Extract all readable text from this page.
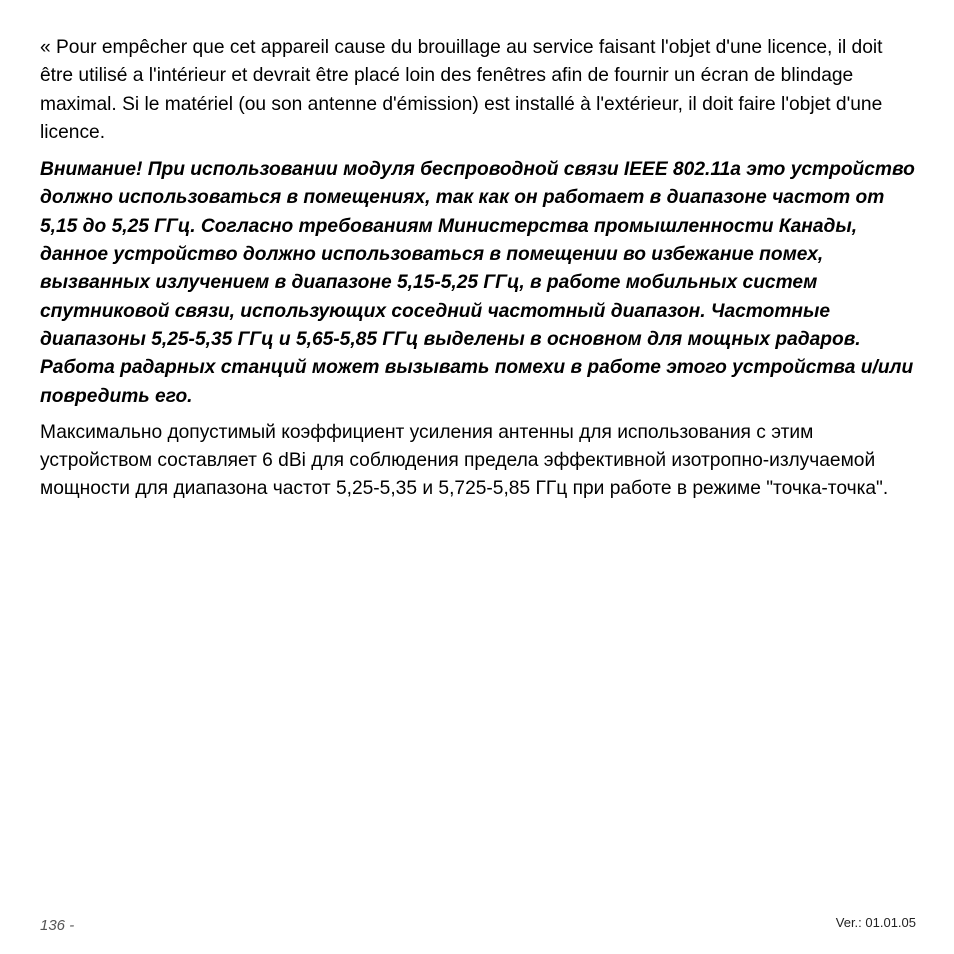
« Pour empêcher que cet appareil cause du brouillage au service faisant l'objet d'une licence, il doit être utilisé a l'intérieur et devrait être placé loin des fenêtres afin de fournir un écran de blindage maximal. Si le matériel (ou son antenne d'émission) est installé à l'extérieur, il doit faire l'objet d'une licence.

Внимание! При использовании модуля беспроводной связи IEEE 802.11a это устройство должно использоваться в помещениях, так как он работает в диапазоне частот от 5,15 до 5,25 ГГц. Согласно требованиям Министерства промышленности Канады, данное устройство должно использоваться в помещении во избежание помех, вызванных излучением в диапазоне 5,15-5,25 ГГц, в работе мобильных систем спутниковой связи, использующих соседний частотный диапазон. Частотные диапазоны 5,25-5,35 ГГц и 5,65-5,85 ГГц выделены в основном для мощных радаров. Работа радарных станций может вызывать помехи в работе этого устройства и/или повредить его.

Максимально допустимый коэффициент усиления антенны для использования с этим устройством составляет 6 dBi для соблюдения предела эффективной изотропно-излучаемой мощности для диапазона частот 5,25-5,35 и 5,725-5,85 ГГц при работе в режиме "точка-точка".

136 -	Ver.: 01.01.05
